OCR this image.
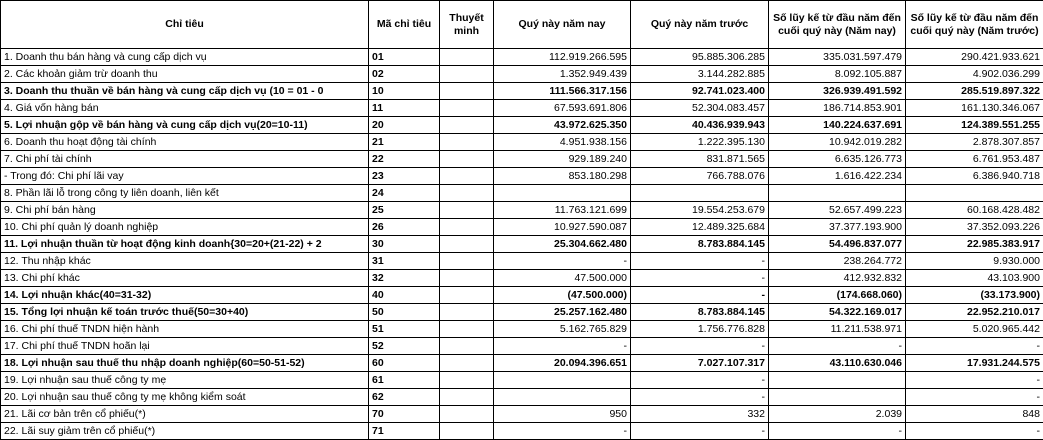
Chỉ tiêu	Mã chỉ tiêu	Thuyết minh	Quý này năm nay	Quý này năm trước	Số lũy kế từ đầu năm đến cuối quý này (Năm nay)	Số lũy kế từ đầu năm đến cuối quý này (Năm trước)
1. Doanh thu bán hàng và cung cấp dịch vụ	01		112.919.266.595	95.885.306.285	335.031.597.479	290.421.933.621
2. Các khoản giảm trừ doanh thu	02		1.352.949.439	3.144.282.885	8.092.105.887	4.902.036.299
3. Doanh thu thuần về bán hàng và cung cấp dịch vụ (10 = 01 - 0	10		111.566.317.156	92.741.023.400	326.939.491.592	285.519.897.322
4. Giá vốn hàng bán	11		67.593.691.806	52.304.083.457	186.714.853.901	161.130.346.067
5. Lợi nhuận gộp về bán hàng và cung cấp dịch vụ(20=10-11)	20		43.972.625.350	40.436.939.943	140.224.637.691	124.389.551.255
6. Doanh thu hoạt động tài chính	21		4.951.938.156	1.222.395.130	10.942.019.282	2.878.307.857
7. Chi phí tài chính	22		929.189.240	831.871.565	6.635.126.773	6.761.953.487
- Trong đó: Chi phí lãi vay	23		853.180.298	766.788.076	1.616.422.234	6.386.940.718
8. Phần lãi lỗ trong công ty liên doanh, liên kết	24					
9. Chi phí bán hàng	25		11.763.121.699	19.554.253.679	52.657.499.223	60.168.428.482
10. Chi phí quản lý doanh nghiệp	26		10.927.590.087	12.489.325.684	37.377.193.900	37.352.093.226
11. Lợi nhuận thuần từ hoạt động kinh doanh{30=20+(21-22) + 2	30		25.304.662.480	8.783.884.145	54.496.837.077	22.985.383.917
12. Thu nhập khác	31		-	-	238.264.772	9.930.000
13. Chi phí khác	32		47.500.000	-	412.932.832	43.103.900
14. Lợi nhuận khác(40=31-32)	40		(47.500.000)	-	(174.668.060)	(33.173.900)
15. Tổng lợi nhuận kế toán trước thuế(50=30+40)	50		25.257.162.480	8.783.884.145	54.322.169.017	22.952.210.017
16. Chi phí thuế TNDN hiện hành	51		5.162.765.829	1.756.776.828	11.211.538.971	5.020.965.442
17. Chi phí thuế TNDN hoãn lại	52		-	-	-	-
18. Lợi nhuận sau thuế thu nhập doanh nghiệp(60=50-51-52)	60		20.094.396.651	7.027.107.317	43.110.630.046	17.931.244.575
19. Lợi nhuận sau thuế công ty mẹ	61			-		-
20. Lợi nhuận sau thuế công ty mẹ không kiểm soát	62			-		-
21. Lãi cơ bản trên cổ phiếu(*)	70		950	332	2.039	848
22. Lãi suy giảm trên cổ phiếu(*)	71		-	-	-	-
